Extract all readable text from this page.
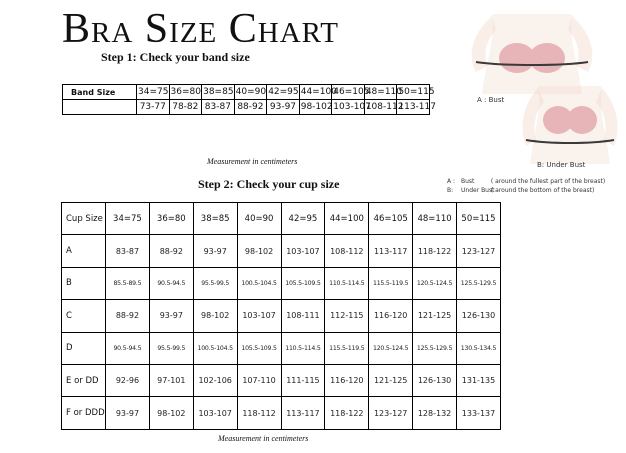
Bra Size Chart

Step 1: Check your band size

Band Size	34=75	36=80	38=85	40=90	42=95	44=100	46=105	48=110	50=115
	73-77	78-82	83-87	88-92	93-97	98-102	103-107	108-112	113-117

Measurement in centimeters

Step 2: Check your cup size

Cup Size	34=75	36=80	38=85	40=90	42=95	44=100	46=105	48=110	50=115
A	83-87	88-92	93-97	98-102	103-107	108-112	113-117	118-122	123-127
B	85.5-89.5	90.5-94.5	95.5-99.5	100.5-104.5	105.5-109.5	110.5-114.5	115.5-119.5	120.5-124.5	125.5-129.5
C	88-92	93-97	98-102	103-107	108-111	112-115	116-120	121-125	126-130
D	90.5-94.5	95.5-99.5	100.5-104.5	105.5-109.5	110.5-114.5	115.5-119.5	120.5-124.5	125.5-129.5	130.5-134.5
E or DD	92-96	97-101	102-106	107-110	111-115	116-120	121-125	126-130	131-135
F or DDD	93-97	98-102	103-107	118-112	113-117	118-122	123-127	128-132	133-137

Measurement in centimeters

A : Bust

B: Under Bust

A : Bust	( around the fullest part of the breast)
B: Under Bust ( around the bottom of the breast)
